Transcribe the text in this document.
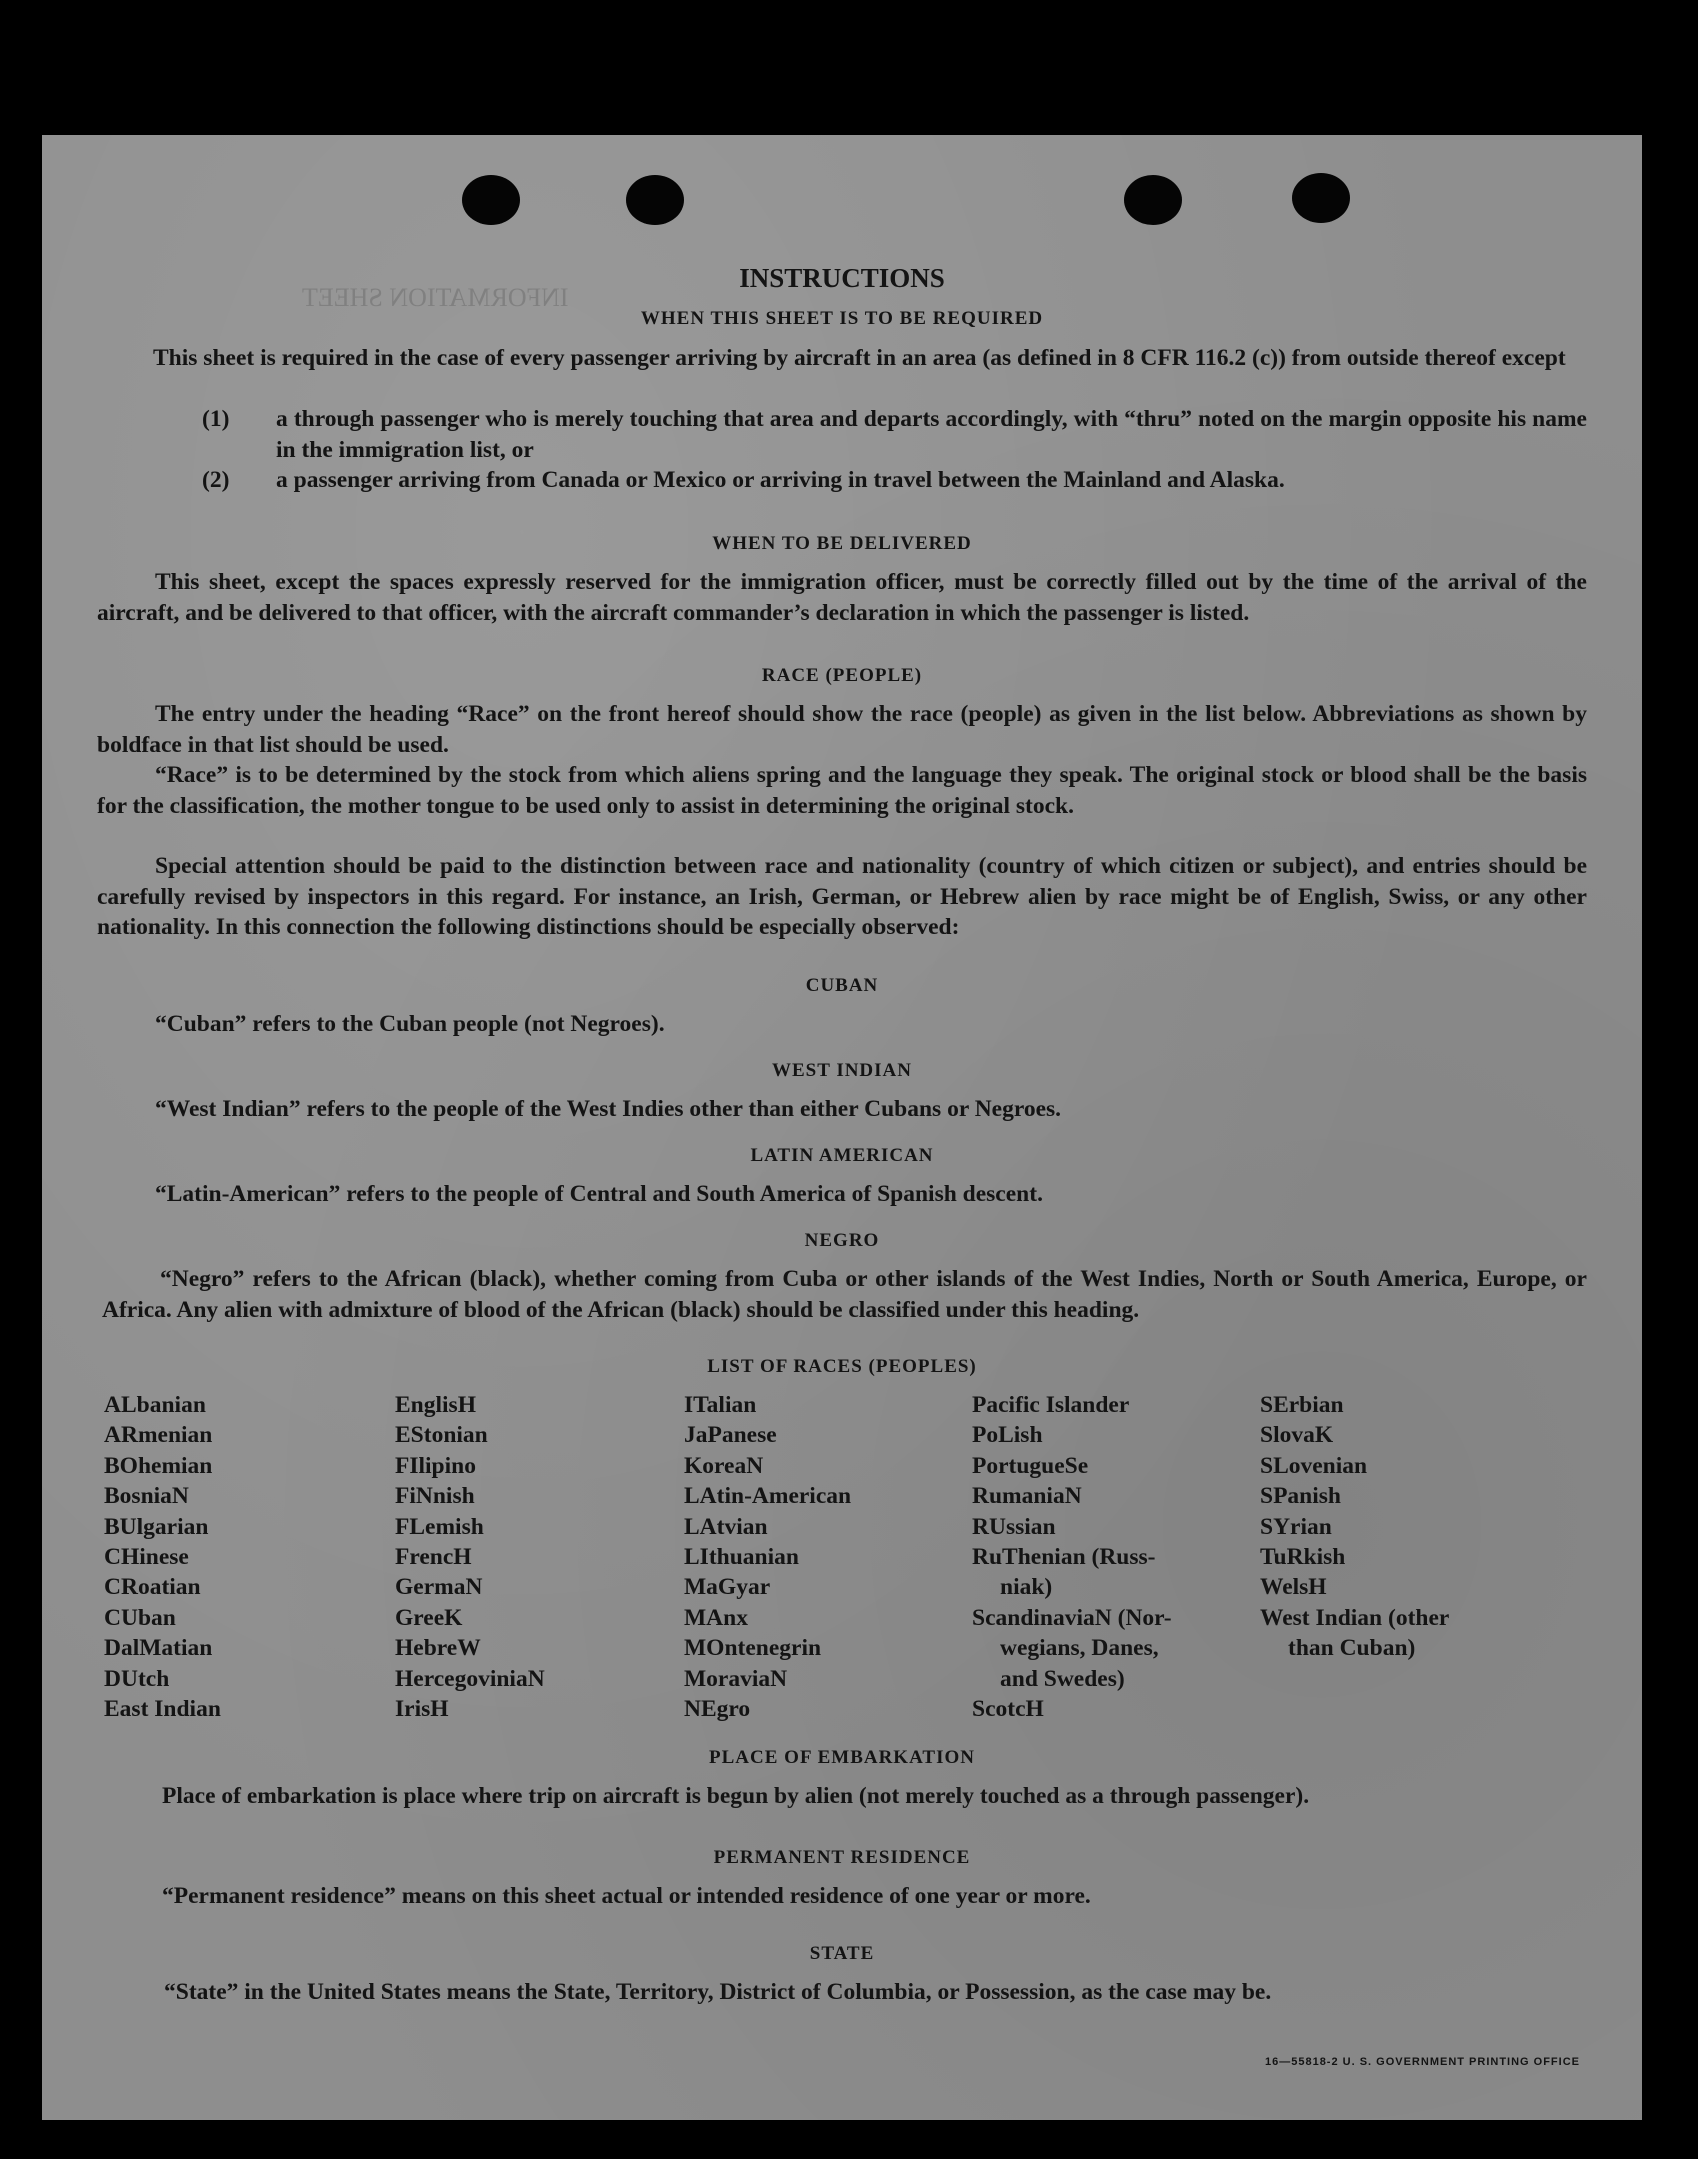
INFORMATION SHEET
INSTRUCTIONS
WHEN THIS SHEET IS TO BE REQUIRED
This sheet is required in the case of every passenger arriving by aircraft in an area (as defined in 8 CFR 116.2 (c)) from outside thereof except
(1) a through passenger who is merely touching that area and departs accordingly, with “thru” noted on the margin opposite his name in the immigration list, or
(2) a passenger arriving from Canada or Mexico or arriving in travel between the Mainland and Alaska.
WHEN TO BE DELIVERED
This sheet, except the spaces expressly reserved for the immigration officer, must be correctly filled out by the time of the arrival of the aircraft, and be delivered to that officer, with the aircraft commander’s declaration in which the passenger is listed.
RACE (PEOPLE)
The entry under the heading “Race” on the front hereof should show the race (people) as given in the list below. Abbreviations as shown by boldface in that list should be used.
“Race” is to be determined by the stock from which aliens spring and the language they speak. The original stock or blood shall be the basis for the classification, the mother tongue to be used only to assist in determining the original stock.
Special attention should be paid to the distinction between race and nationality (country of which citizen or subject), and entries should be carefully revised by inspectors in this regard. For instance, an Irish, German, or Hebrew alien by race might be of English, Swiss, or any other nationality. In this connection the following distinctions should be especially observed:
CUBAN
“Cuban” refers to the Cuban people (not Negroes).
WEST INDIAN
“West Indian” refers to the people of the West Indies other than either Cubans or Negroes.
LATIN AMERICAN
“Latin-American” refers to the people of Central and South America of Spanish descent.
NEGRO
“Negro” refers to the African (black), whether coming from Cuba or other islands of the West Indies, North or South America, Europe, or Africa. Any alien with admixture of blood of the African (black) should be classified under this heading.
LIST OF RACES (PEOPLES)
ALbanian
ARmenian
BOhemian
BosniaN
BUlgarian
CHinese
CRoatian
CUban
DalMatian
DUtch
East Indian
EnglisH
EStonian
FIlipino
FiNnish
FLemish
FrencH
GermaN
GreeK
HebreW
HercegoviniaN
IrisH
ITalian
JaPanese
KoreaN
LAtin-American
LAtvian
LIthuanian
MaGyar
MAnx
MOntenegrin
MoraviaN
NEgro
Pacific Islander
PoLish
PortugueSe
RumaniaN
RUssian
RuThenian (Russ-
niak)
ScandinaviaN (Nor-
wegians, Danes,
and Swedes)
ScotcH
SErbian
SlovaK
SLovenian
SPanish
SYrian
TuRkish
WelsH
West Indian (other
than Cuban)
PLACE OF EMBARKATION
Place of embarkation is place where trip on aircraft is begun by alien (not merely touched as a through passenger).
PERMANENT RESIDENCE
“Permanent residence” means on this sheet actual or intended residence of one year or more.
STATE
“State” in the United States means the State, Territory, District of Columbia, or Possession, as the case may be.
16—55818-2 U. S. GOVERNMENT PRINTING OFFICE
